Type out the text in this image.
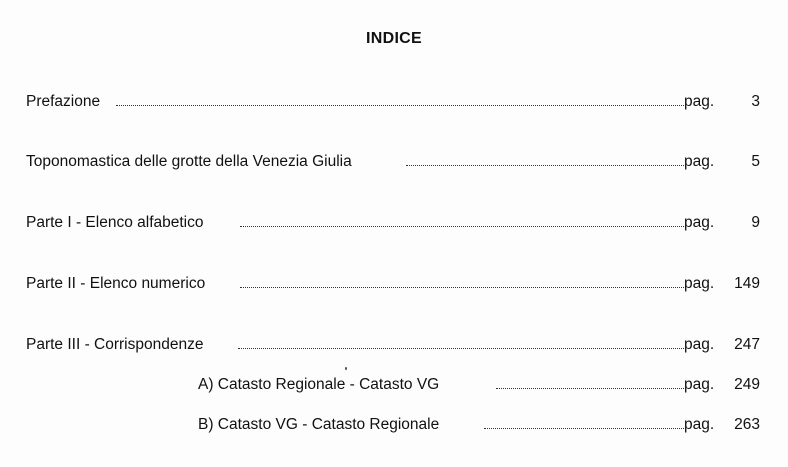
INDICE
Prefazione	pag. 3
Toponomastica delle grotte della Venezia Giulia	pag. 5
Parte I - Elenco alfabetico	pag. 9
Parte II - Elenco numerico	pag. 149
Parte III - Corrispondenze	pag. 247
A) Catasto Regionale - Catasto VG	pag. 249
B) Catasto VG - Catasto Regionale	pag. 263
